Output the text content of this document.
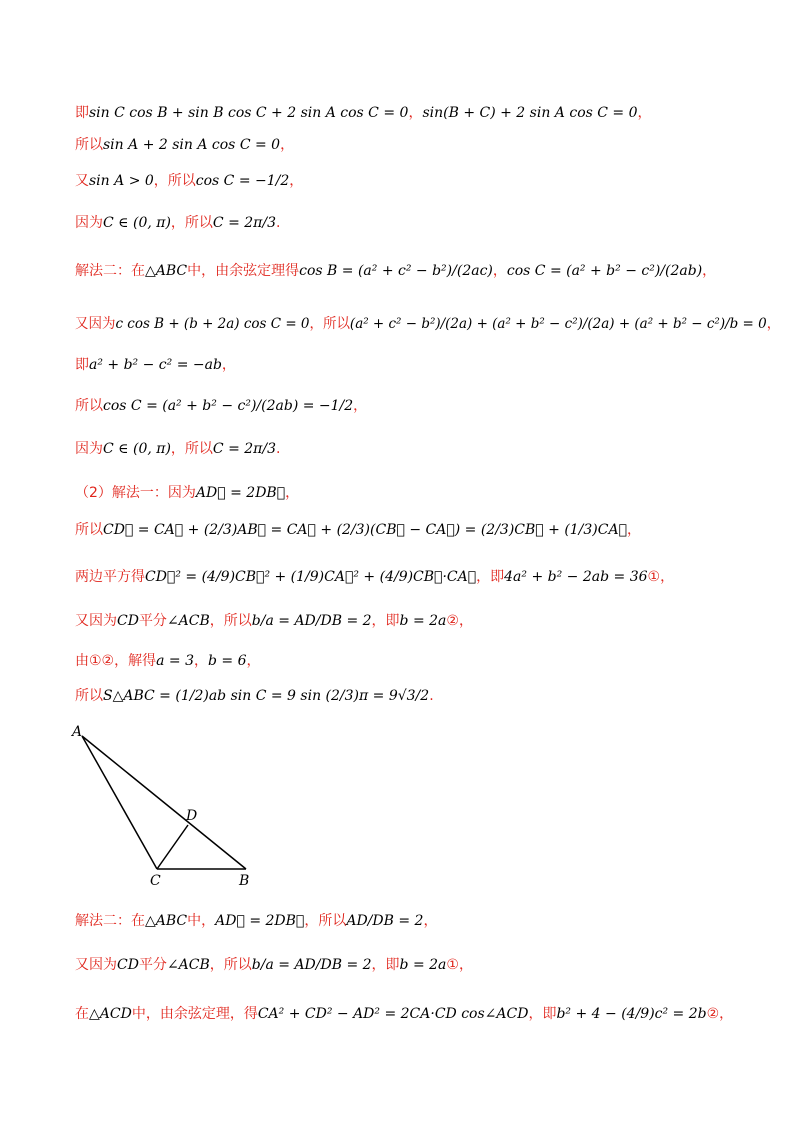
即sin C cos B + sin B cos C + 2 sin A cos C = 0，sin(B + C) + 2 sin A cos C = 0，
所以sin A + 2 sin A cos C = 0，
又sin A > 0，所以cos C = −1/2，
因为C ∈ (0, π)，所以C = 2π/3.
解法二：在△ABC中，由余弦定理得cos B = (a² + c² − b²)/(2ac)，cos C = (a² + b² − c²)/(2ab)，
又因为c cos B + (b + 2a) cos C = 0，所以(a² + c² − b²)/(2a) + (a² + b² − c²)/(2a) + (a² + b² − c²)/b = 0，
即a² + b² − c² = −ab，
所以cos C = (a² + b² − c²)/(2ab) = −1/2，
因为C ∈ (0, π)，所以C = 2π/3.
（2）解法一：因为AD⃗ = 2DB⃗，
所以CD⃗ = CA⃗ + (2/3)AB⃗ = CA⃗ + (2/3)(CB⃗ − CA⃗) = (2/3)CB⃗ + (1/3)CA⃗，
两边平方得CD⃗² = (4/9)CB⃗² + (1/9)CA⃗² + (4/9)CB⃗·CA⃗，即4a² + b² − 2ab = 36①，
又因为CD平分∠ACB，所以b/a = AD/DB = 2，即b = 2a②，
由①②，解得a = 3，b = 6，
所以S△ABC = (1/2)ab sin C = 9 sin (2/3)π = 9√3/2.
解法二：在△ABC中，AD⃗ = 2DB⃗，所以AD/DB = 2，
又因为CD平分∠ACB，所以b/a = AD/DB = 2，即b = 2a①，
在△ACD中，由余弦定理，得CA² + CD² − AD² = 2CA·CD cos∠ACD，即b² + 4 − (4/9)c² = 2b②，
A
D
C	B
